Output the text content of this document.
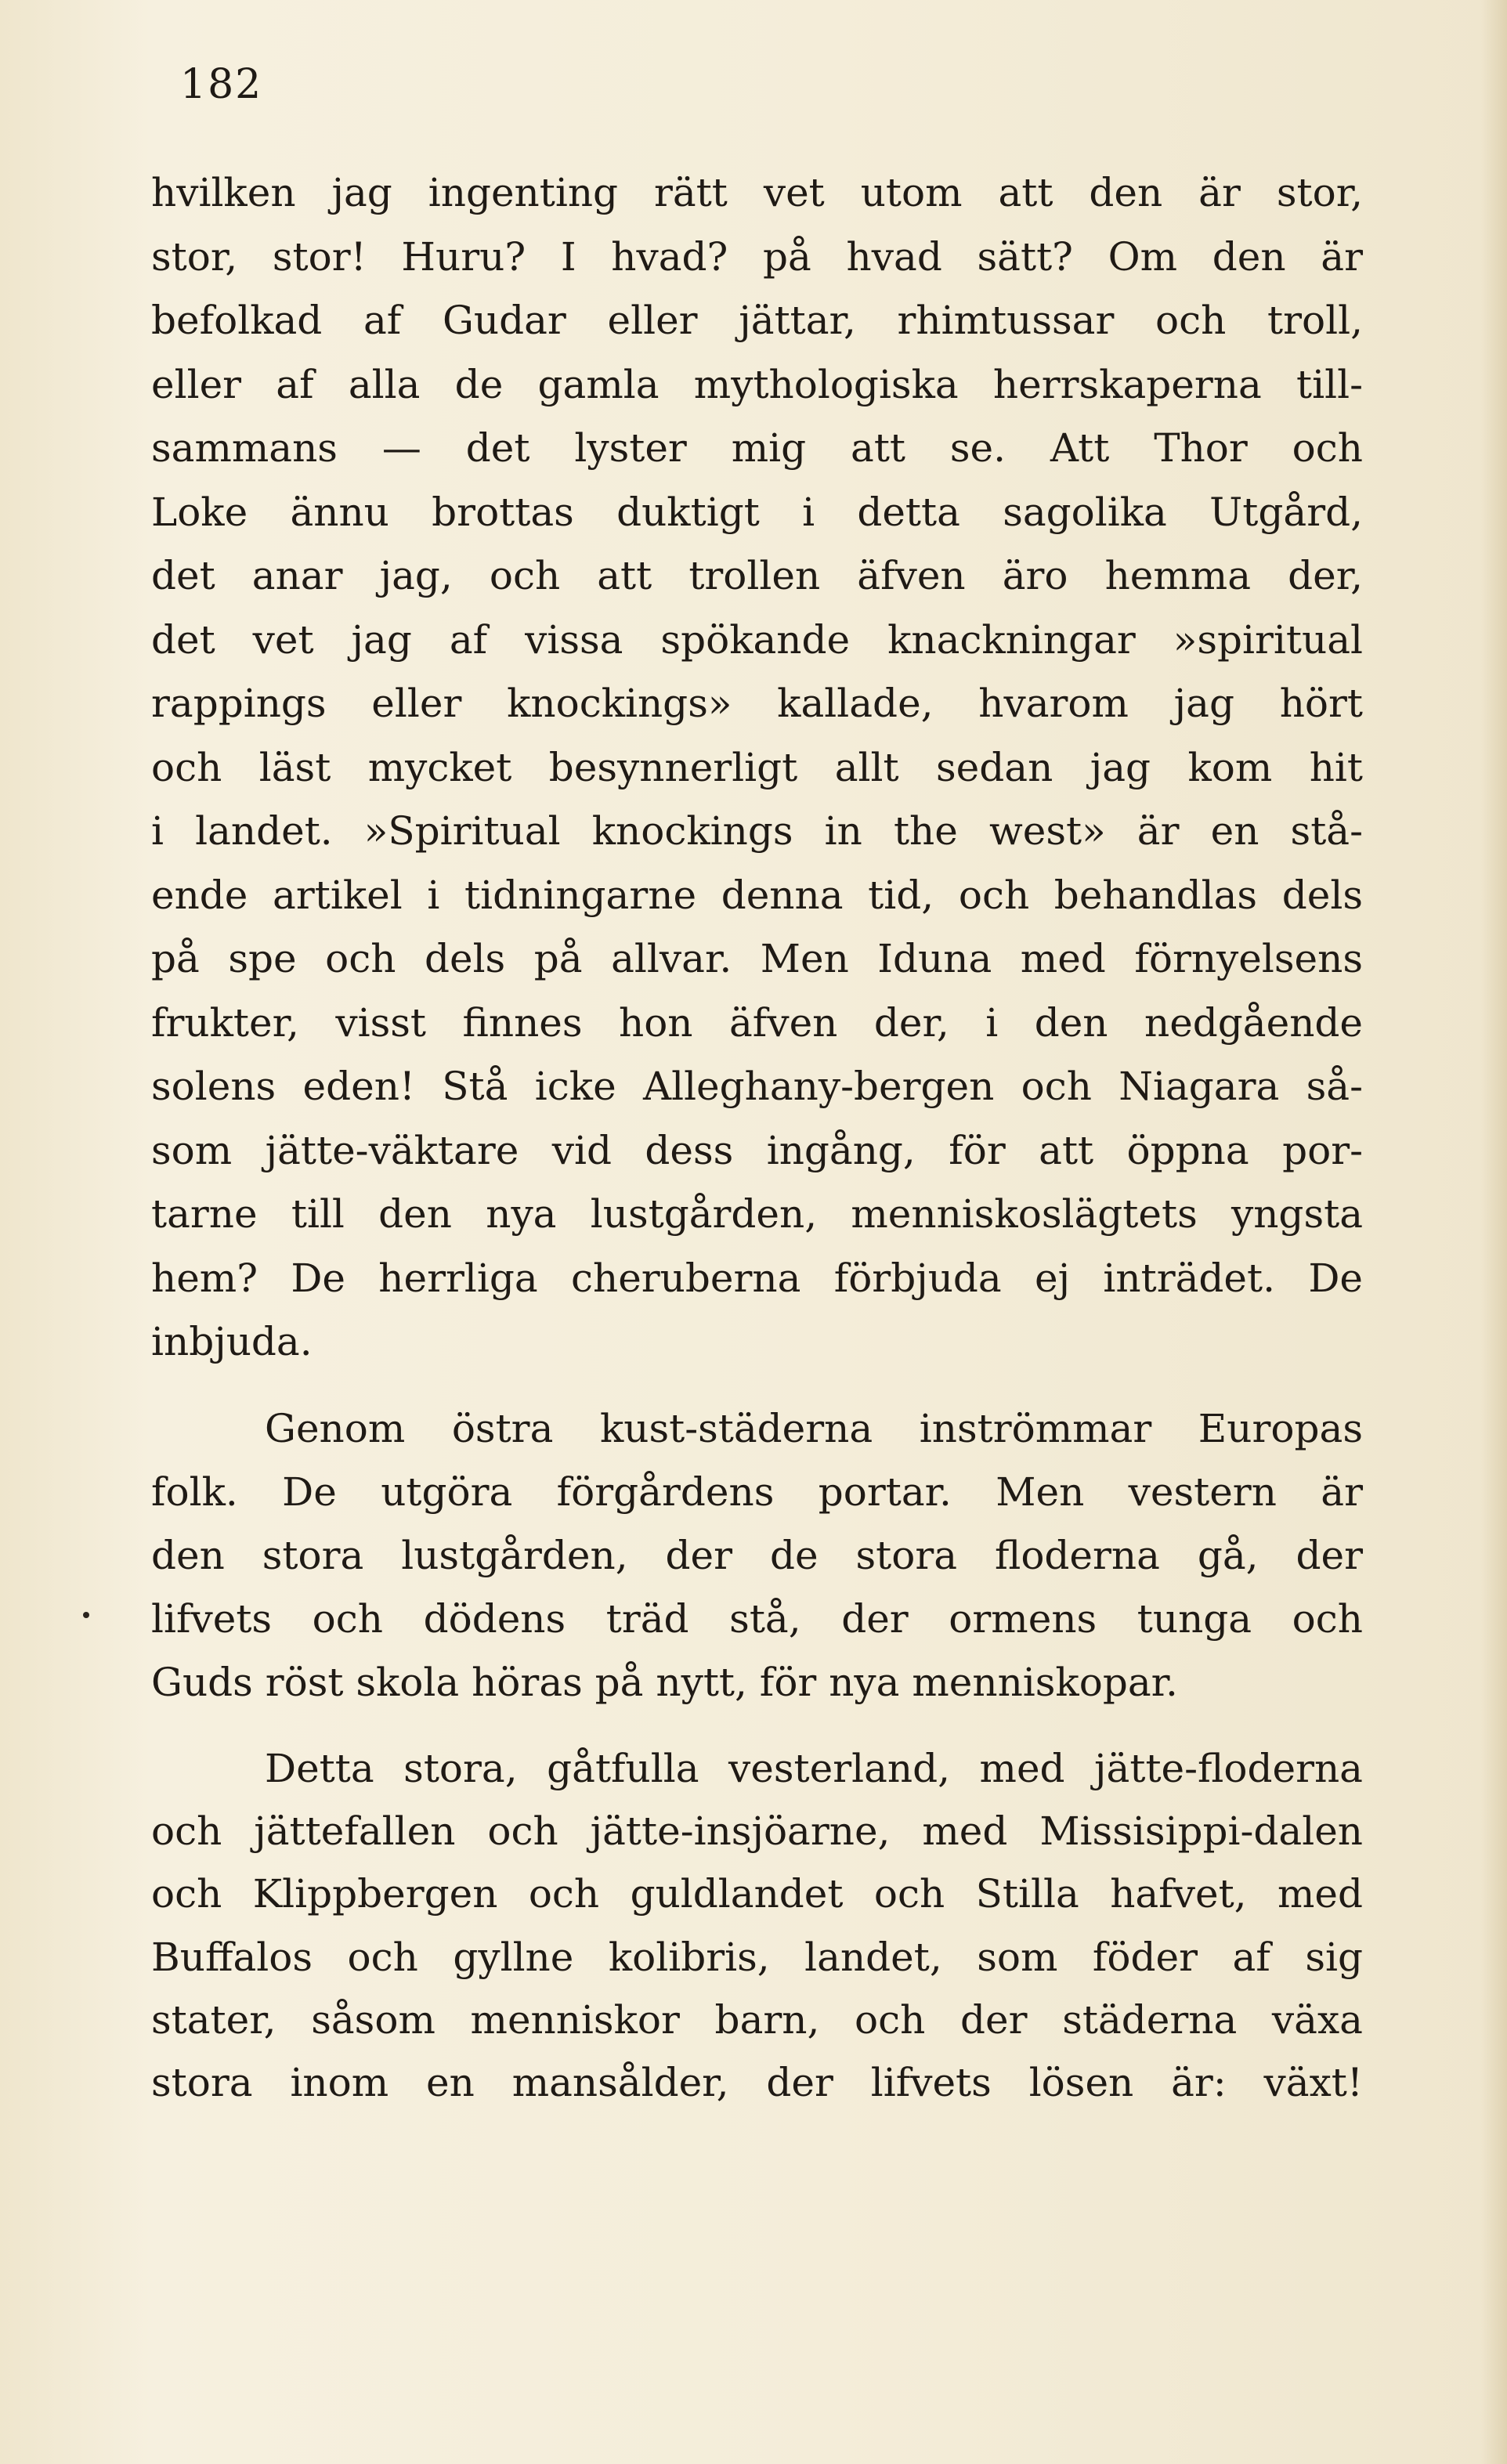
182
hvilken jag ingenting rätt vet utom att den är stor,
stor, stor! Huru? I hvad? på hvad sätt? Om den är
befolkad af Gudar eller jättar, rhimtussar och troll,
eller af alla de gamla mythologiska herrskaperna till-
sammans — det lyster mig att se. Att Thor och
Loke ännu brottas duktigt i detta sagolika Utgård,
det anar jag, och att trollen äfven äro hemma der,
det vet jag af vissa spökande knackningar »spiritual
rappings eller knockings» kallade, hvarom jag hört
och läst mycket besynnerligt allt sedan jag kom hit
i landet. »Spiritual knockings in the west» är en stå-
ende artikel i tidningarne denna tid, och behandlas dels
på spe och dels på allvar. Men Iduna med förnyelsens
frukter, visst finnes hon äfven der, i den nedgående
solens eden! Stå icke Alleghany-bergen och Niagara så-
som jätte-väktare vid dess ingång, för att öppna por-
tarne till den nya lustgården, menniskoslägtets yngsta
hem? De herrliga cheruberna förbjuda ej inträdet. De
inbjuda.
Genom östra kust-städerna inströmmar Europas
folk. De utgöra förgårdens portar. Men vestern är
den stora lustgården, der de stora floderna gå, der
lifvets och dödens träd stå, der ormens tunga och
Guds röst skola höras på nytt, för nya menniskopar.
Detta stora, gåtfulla vesterland, med jätte-floderna
och jättefallen och jätte-insjöarne, med Missisippi-dalen
och Klippbergen och guldlandet och Stilla hafvet, med
Buffalos och gyllne kolibris, landet, som föder af sig
stater, såsom menniskor barn, och der städerna växa
stora inom en mansålder, der lifvets lösen är: växt!
